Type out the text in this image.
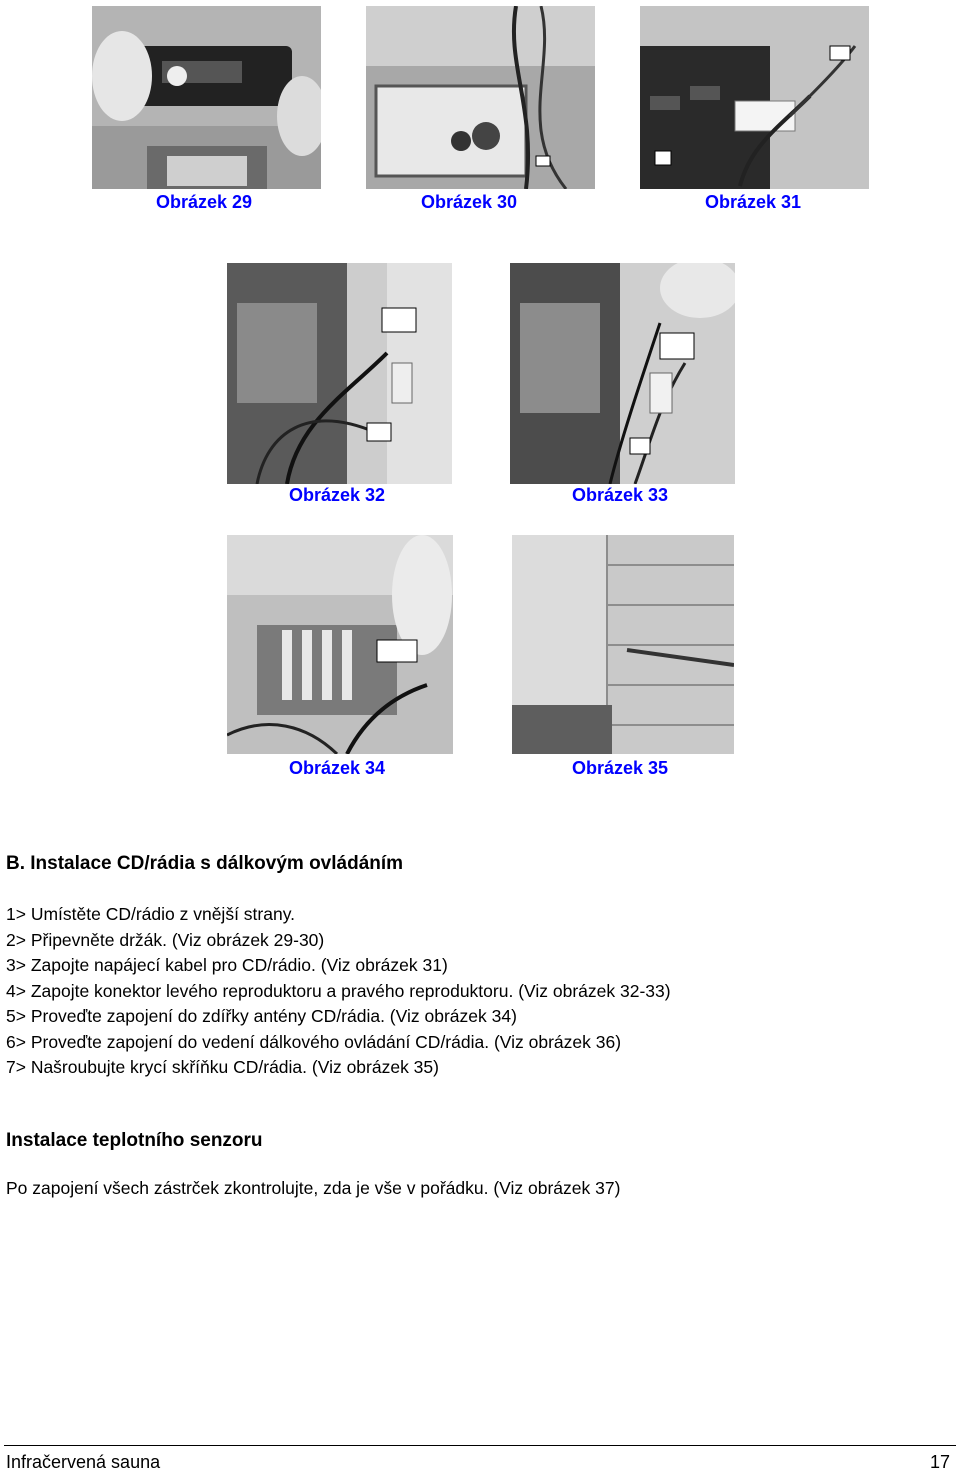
Obrázek 29	Obrázek 30	Obrázek 31
Obrázek 32	Obrázek 33
Obrázek 34	Obrázek 35
B. Instalace CD/rádia s dálkovým ovládáním
1> Umístěte CD/rádio z vnější strany.
2> Připevněte držák. (Viz obrázek 29-30)
3> Zapojte napájecí kabel pro CD/rádio. (Viz obrázek 31)
4> Zapojte konektor levého reproduktoru a pravého reproduktoru. (Viz obrázek 32-33)
5> Proveďte zapojení do zdířky antény CD/rádia. (Viz obrázek 34)
6> Proveďte zapojení do vedení dálkového ovládání CD/rádia. (Viz obrázek 36)
7> Našroubujte krycí skříňku CD/rádia. (Viz obrázek 35)
Instalace teplotního senzoru
Po zapojení všech zástrček zkontrolujte, zda je vše v pořádku. (Viz obrázek 37)
Infračervená sauna	17
